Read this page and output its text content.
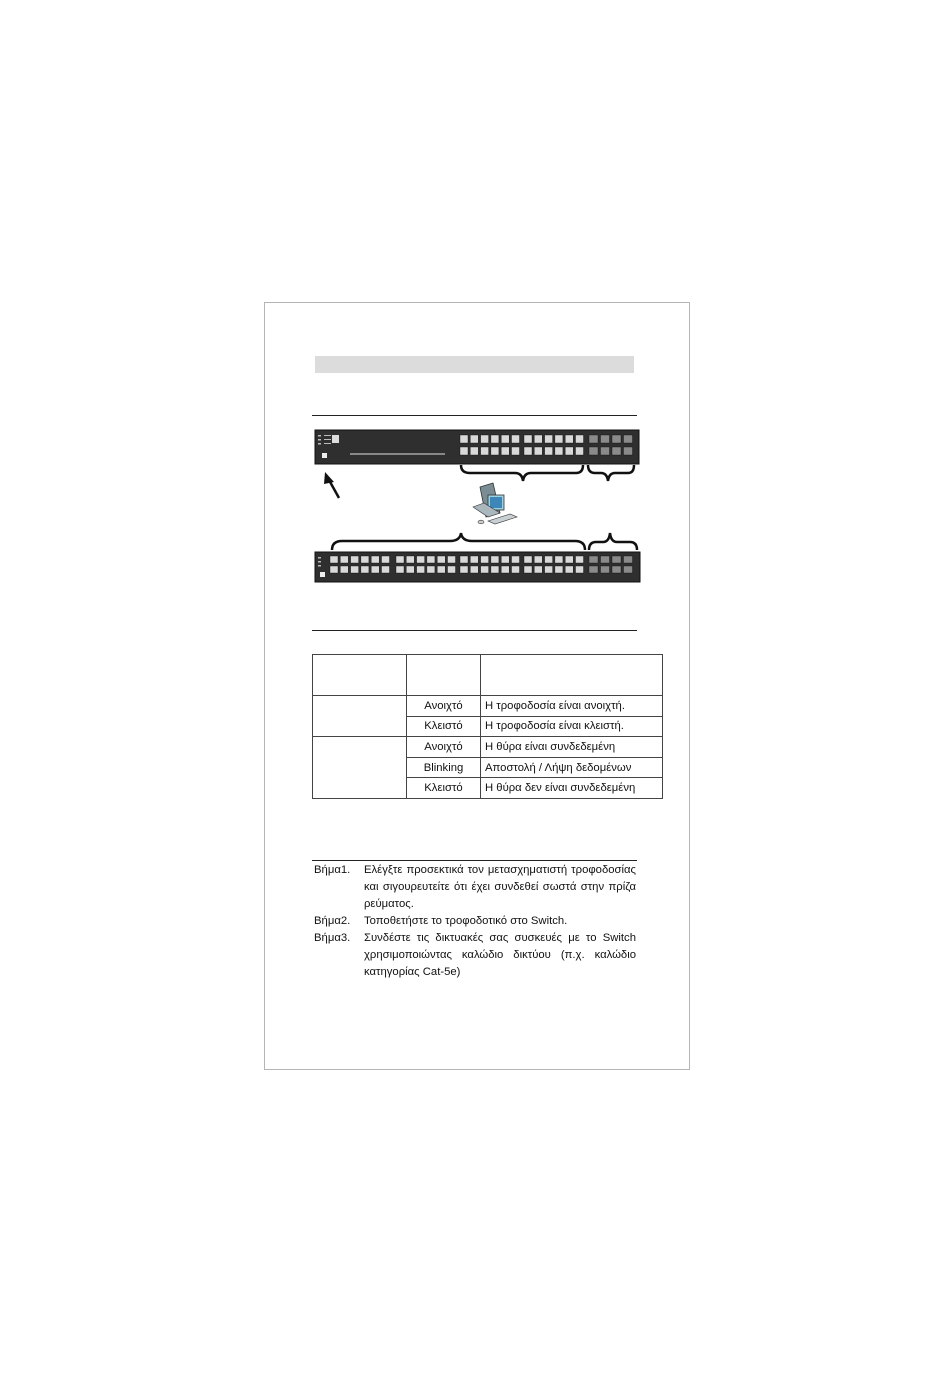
	Ανοιχτό	Η τροφοδοσία είναι ανοιχτή.
	Κλειστό	Η τροφοδοσία είναι κλειστή.
	Ανοιχτό	Η θύρα είναι συνδεδεμένη
	Blinking	Αποστολή / Λήψη δεδομένων
	Κλειστό	Η θύρα δεν είναι συνδεδεμένη
Βήμα1.	Ελέγξτε προσεκτικά τον μετασχηματιστή τροφοδοσίας και σιγουρευτείτε ότι έχει συνδεθεί σωστά στην πρίζα ρεύματος.
Βήμα2.	Τοποθετήστε το τροφοδοτικό στο Switch.
Βήμα3.	Συνδέστε τις δικτυακές σας συσκευές με το Switch χρησιμοποιώντας καλώδιο δικτύου (π.χ. καλώδιο κατηγορίας Cat-5e)
